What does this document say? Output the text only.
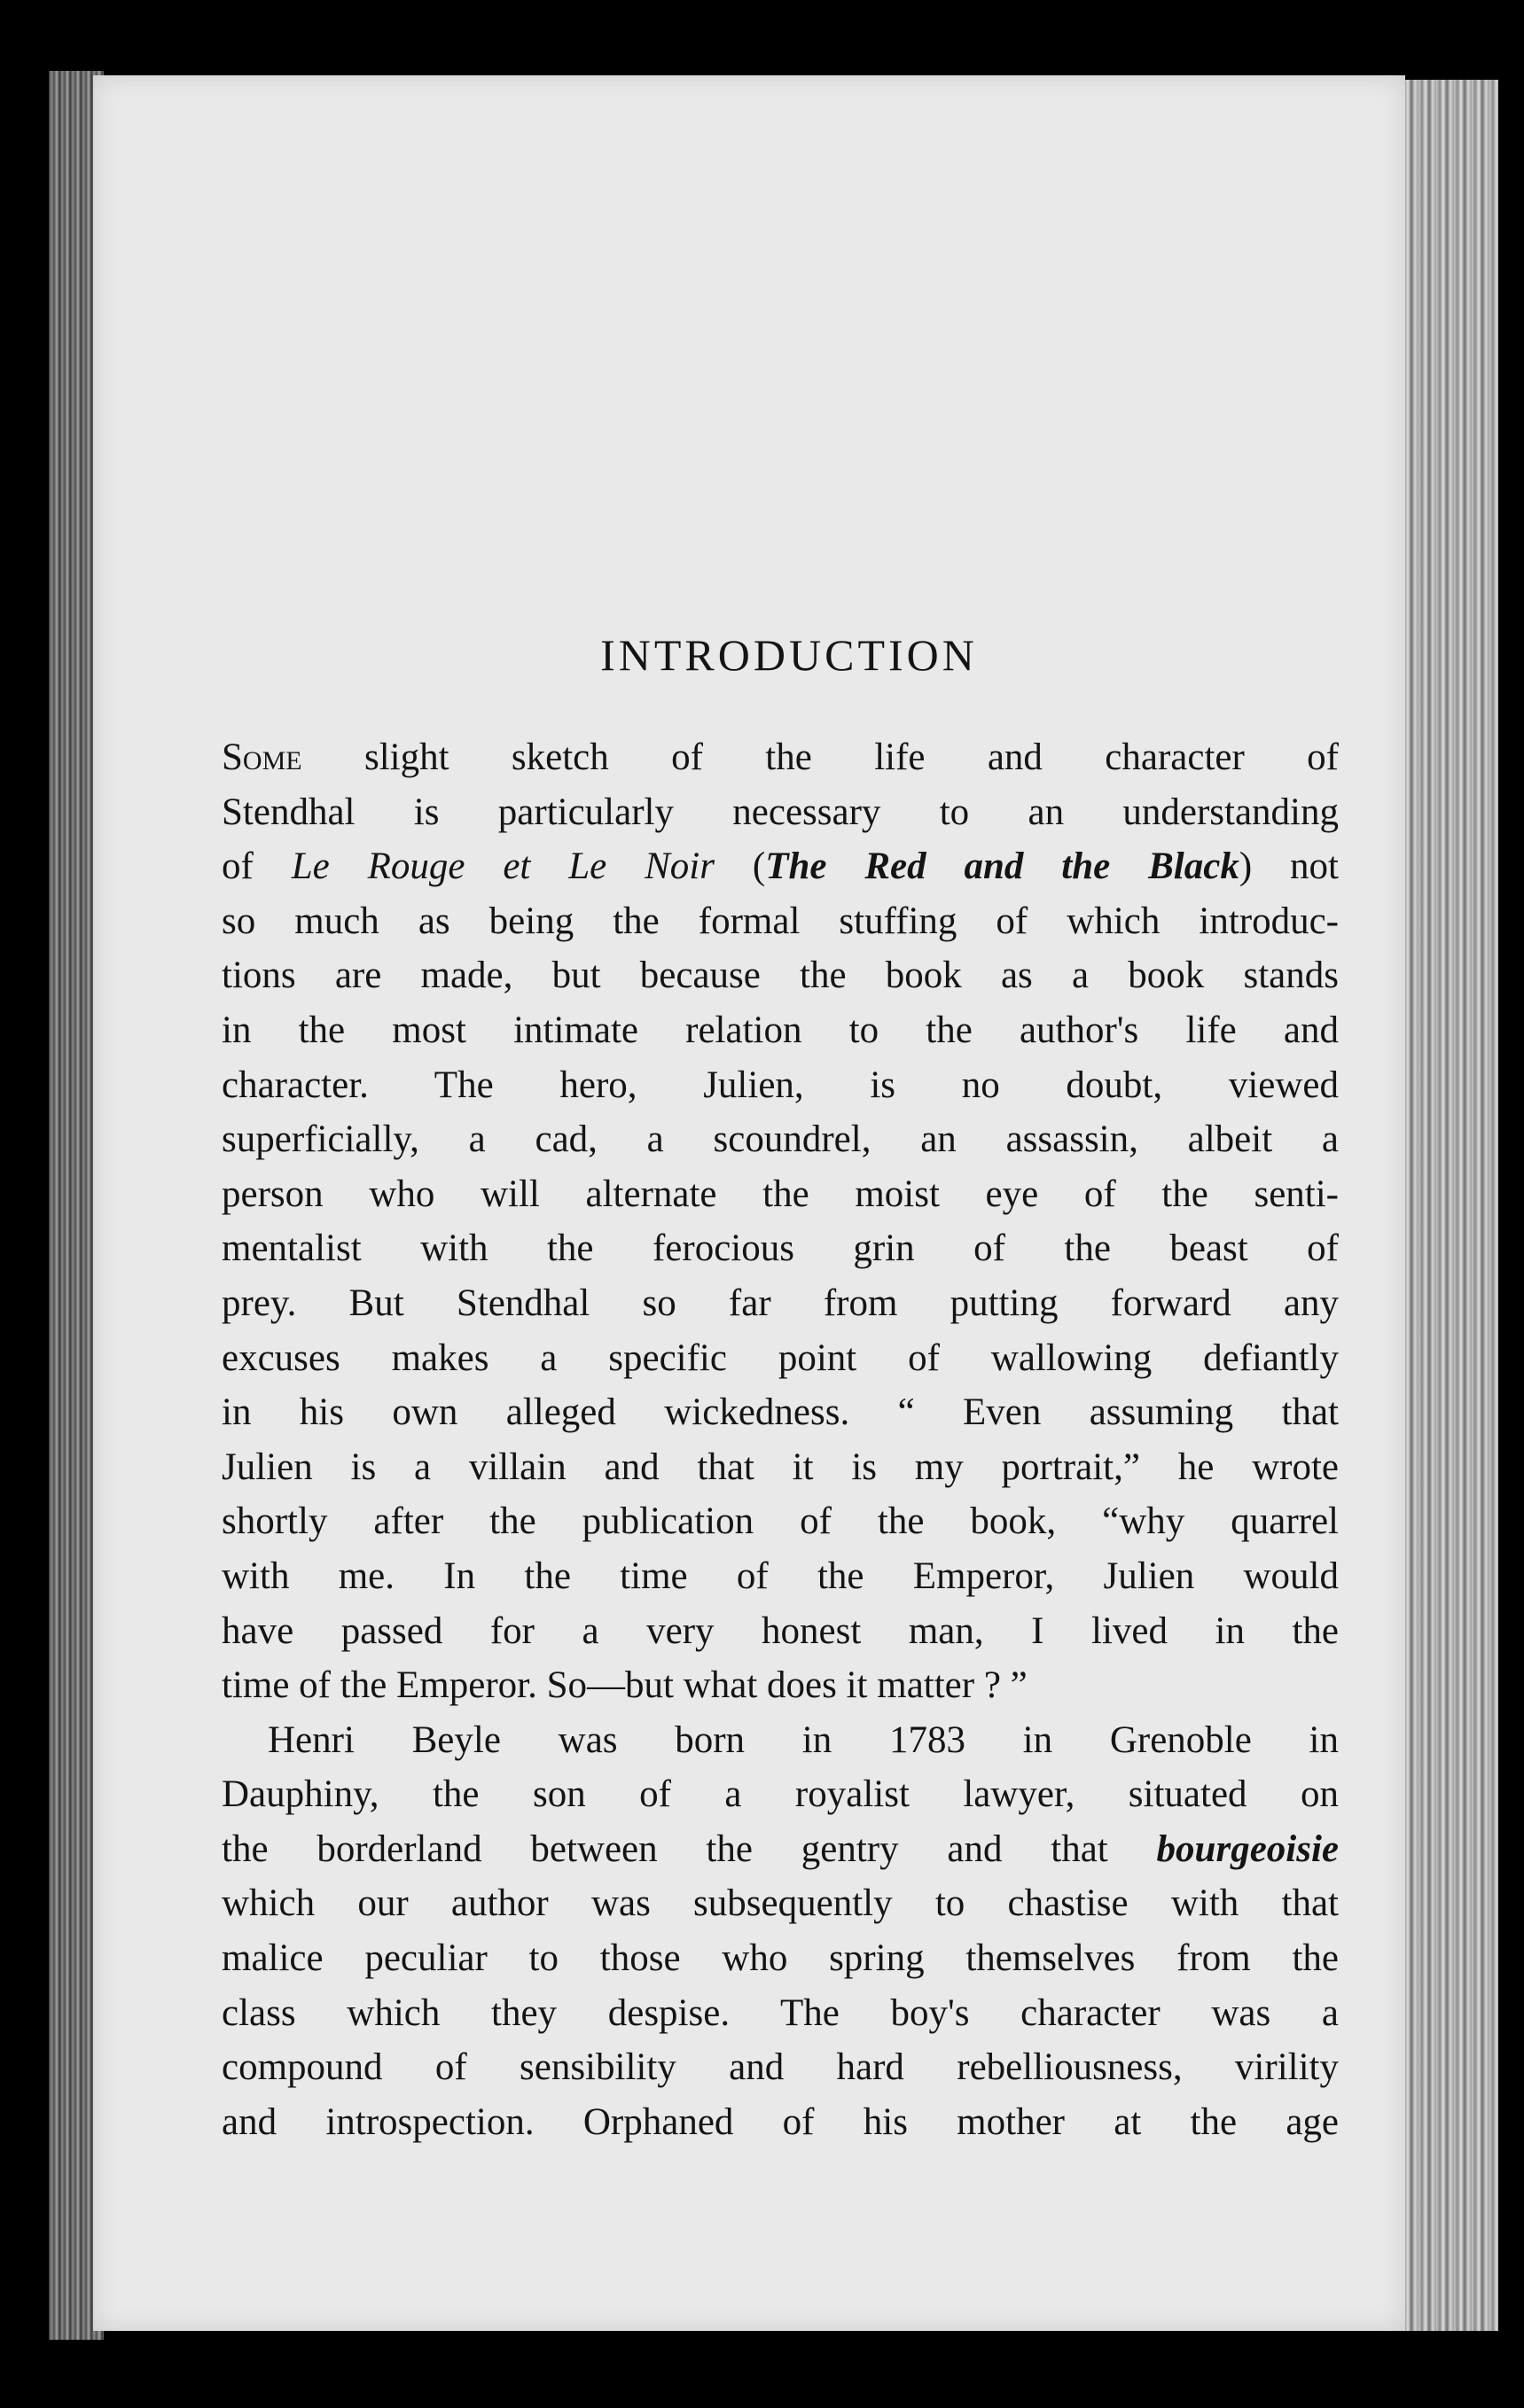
INTRODUCTION
Some slight sketch of the life and character of
Stendhal is particularly necessary to an understanding
of Le Rouge et Le Noir (The Red and the Black) not
so much as being the formal stuffing of which introduc-
tions are made, but because the book as a book stands
in the most intimate relation to the author's life and
character. The hero, Julien, is no doubt, viewed
superficially, a cad, a scoundrel, an assassin, albeit a
person who will alternate the moist eye of the senti-
mentalist with the ferocious grin of the beast of
prey. But Stendhal so far from putting forward any
excuses makes a specific point of wallowing defiantly
in his own alleged wickedness. “ Even assuming that
Julien is a villain and that it is my portrait,” he wrote
shortly after the publication of the book, “why quarrel
with me. In the time of the Emperor, Julien would
have passed for a very honest man, I lived in the
time of the Emperor. So—but what does it matter ? ”
Henri Beyle was born in 1783 in Grenoble in
Dauphiny, the son of a royalist lawyer, situated on
the borderland between the gentry and that bourgeoisie
which our author was subsequently to chastise with that
malice peculiar to those who spring themselves from the
class which they despise. The boy's character was a
compound of sensibility and hard rebelliousness, virility
and introspection. Orphaned of his mother at the age
